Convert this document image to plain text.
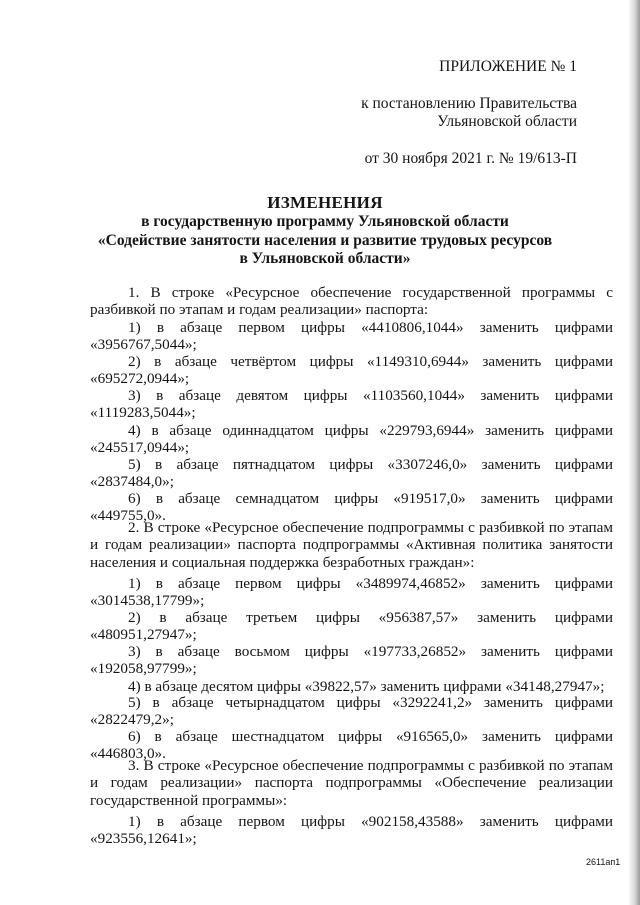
ПРИЛОЖЕНИЕ № 1
к постановлению Правительства
Ульяновской области
от 30 ноября 2021 г. № 19/613-П
ИЗМЕНЕНИЯ
в государственную программу Ульяновской области
«Содействие занятости населения и развитие трудовых ресурсов
в Ульяновской области»
1. В строке «Ресурсное обеспечение государственной программы с разбивкой по этапам и годам реализации» паспорта:
1) в абзаце первом цифры «4410806,1044» заменить цифрами «3956767,5044»;
2) в абзаце четвёртом цифры «1149310,6944» заменить цифрами «695272,0944»;
3) в абзаце девятом цифры «1103560,1044» заменить цифрами «1119283,5044»;
4) в абзаце одиннадцатом цифры «229793,6944» заменить цифрами «245517,0944»;
5) в абзаце пятнадцатом цифры «3307246,0» заменить цифрами «2837484,0»;
6) в абзаце семнадцатом цифры «919517,0» заменить цифрами «449755,0».
2. В строке «Ресурсное обеспечение подпрограммы с разбивкой по этапам и годам реализации» паспорта подпрограммы «Активная политика занятости населения и социальная поддержка безработных граждан»:
1) в абзаце первом цифры «3489974,46852» заменить цифрами «3014538,17799»;
2) в абзаце третьем цифры «956387,57» заменить цифрами «480951,27947»;
3) в абзаце восьмом цифры «197733,26852» заменить цифрами «192058,97799»;
4) в абзаце десятом цифры «39822,57» заменить цифрами «34148,27947»;
5) в абзаце четырнадцатом цифры «3292241,2» заменить цифрами «2822479,2»;
6) в абзаце шестнадцатом цифры «916565,0» заменить цифрами «446803,0».
3. В строке «Ресурсное обеспечение подпрограммы с разбивкой по этапам и годам реализации» паспорта подпрограммы «Обеспечение реализации государственной программы»:
1) в абзаце первом цифры «902158,43588» заменить цифрами «923556,12641»;
2611ап1
